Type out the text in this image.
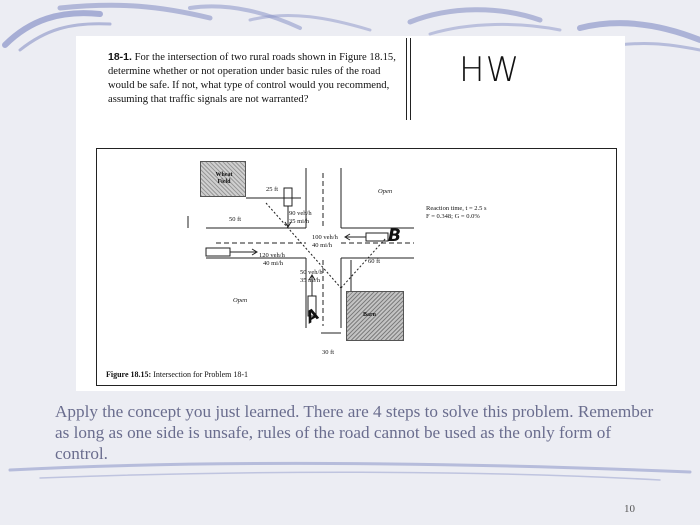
18-1. For the intersection of two rural roads shown in Figure 18.15, determine whether or not operation under basic rules of the road would be safe. If not, what type of control would you recommend, assuming that traffic signals are not warranted?
HW
Wheat Field
Barn
Open
Open
25 ft
50 ft
60 ft
30 ft
90 veh/h
35 mi/h
100 veh/h
40 mi/h
120 veh/h
40 mi/h
50 veh/h
35 mi/h
Reaction time, t = 2.5 s
F = 0.348; G = 0.0%
B
A
Figure 18.15: Intersection for Problem 18-1
Apply the concept you just learned. There are 4 steps to solve this problem. Remember as long as one side is unsafe, rules of the road cannot be used as the only form of control.
10
